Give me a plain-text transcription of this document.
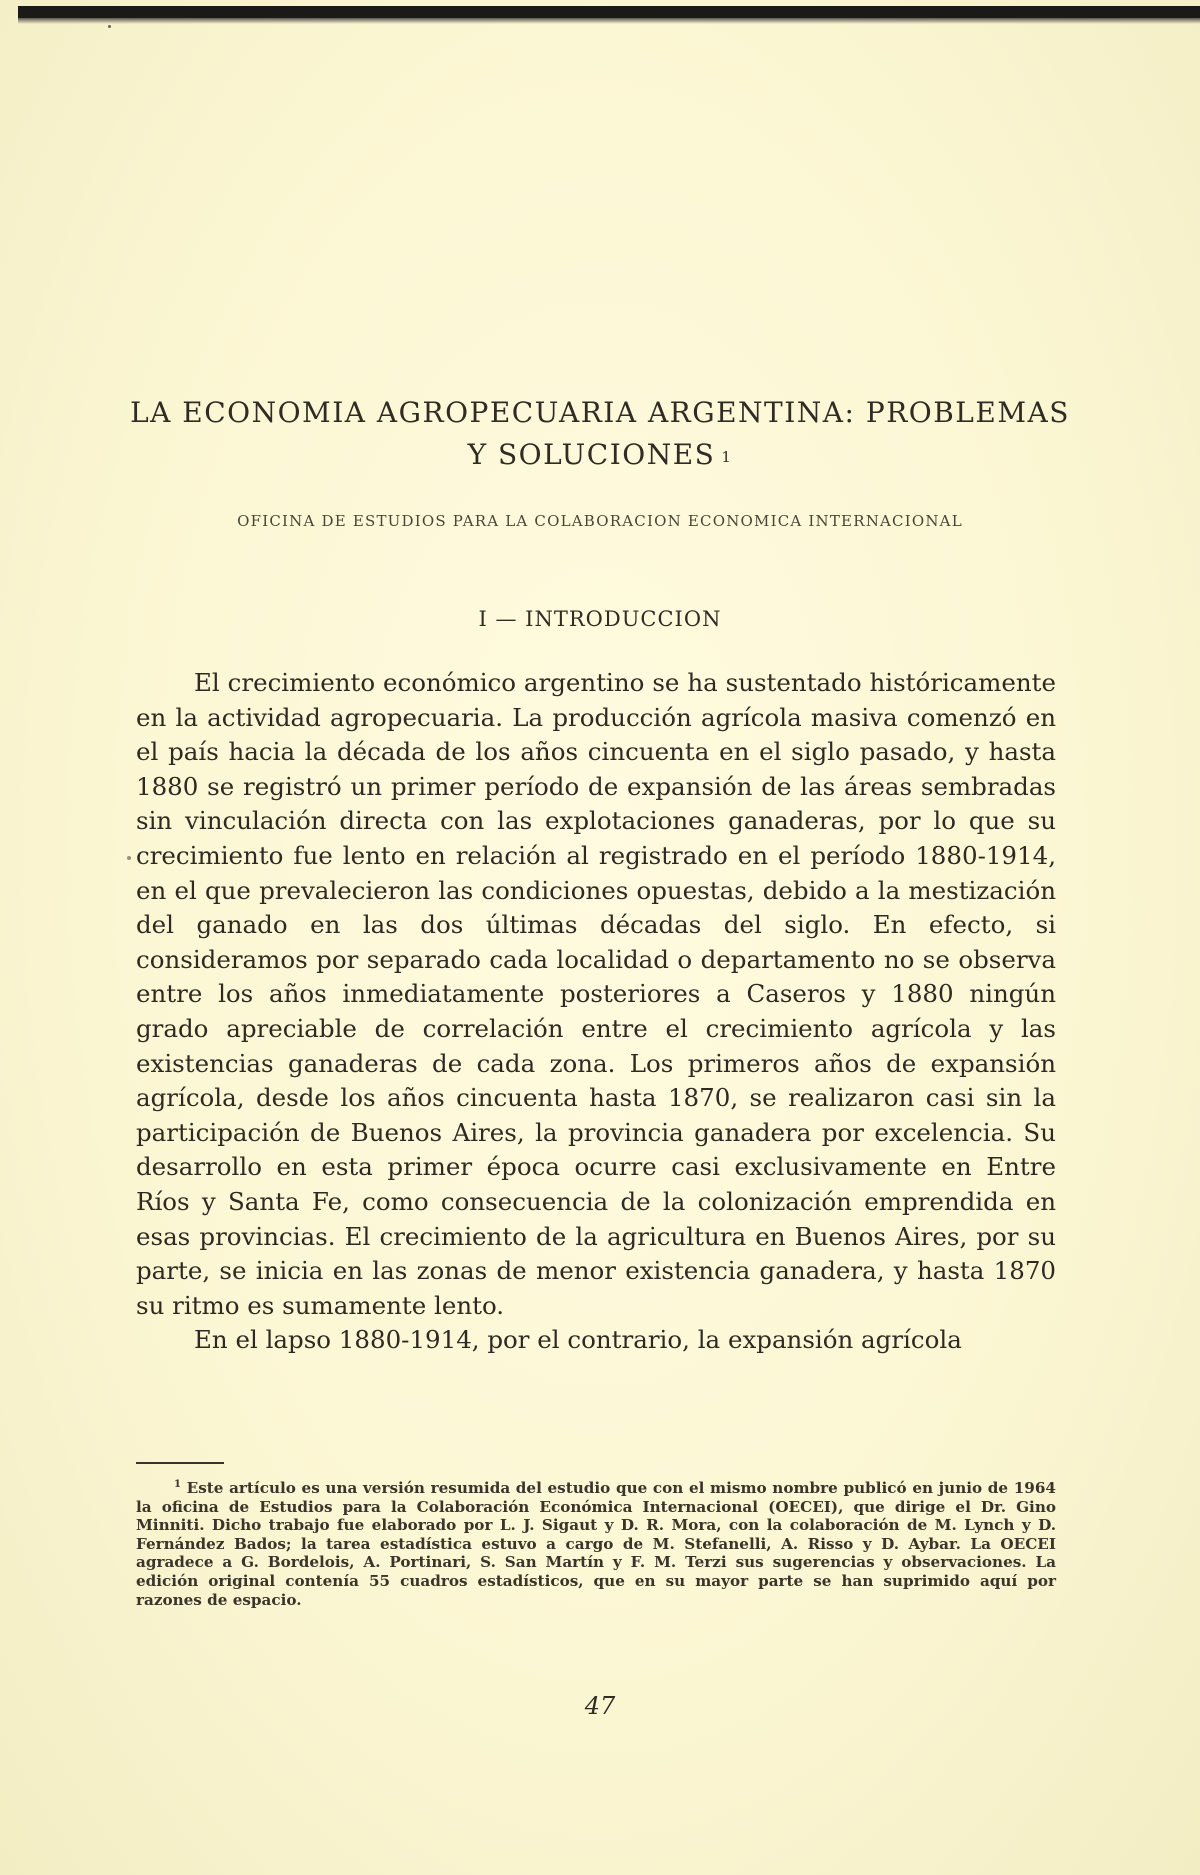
LA ECONOMIA AGROPECUARIA ARGENTINA: PROBLEMAS
Y SOLUCIONES $^1$
OFICINA DE ESTUDIOS PARA LA COLABORACION ECONOMICA INTERNACIONAL
I — INTRODUCCION

El crecimiento económico argentino se ha sustentado históricamente en la actividad agropecuaria. La producción agrícola masiva comenzó en el país hacia la década de los años cincuenta en el siglo pasado, y hasta 1880 se registró un primer período de expansión de las áreas sembradas sin vinculación directa con las explotaciones ganaderas, por lo que su crecimiento fue lento en relación al registrado en el período 1880-1914, en el que prevalecieron las condiciones opuestas, debido a la mestización del ganado en las dos últimas décadas del siglo. En efecto, si consideramos por separado cada localidad o departamento no se observa entre los años inmediatamente posteriores a Caseros y 1880 ningún grado apreciable de correlación entre el crecimiento agrícola y las existencias ganaderas de cada zona. Los primeros años de expansión agrícola, desde los años cincuenta hasta 1870, se realizaron casi sin la participación de Buenos Aires, la provincia ganadera por excelencia. Su desarrollo en esta primer época ocurre casi exclusivamente en Entre Ríos y Santa Fe, como consecuencia de la colonización emprendida en esas provincias. El crecimiento de la agricultura en Buenos Aires, por su parte, se inicia en las zonas de menor existencia ganadera, y hasta 1870 su ritmo es sumamente lento.

En el lapso 1880-1914, por el contrario, la expansión agrícola

$^1$ Este artículo es una versión resumida del estudio que con el mismo nombre publicó en junio de 1964 la oficina de Estudios para la Colaboración Económica Internacional (OECEI), que dirige el Dr. Gino Minniti. Dicho trabajo fue elaborado por L. J. Sigaut y D. R. Mora, con la colaboración de M. Lynch y D. Fernández Bados; la tarea estadística estuvo a cargo de M. Stefanelli, A. Risso y D. Aybar. La OECEI agradece a G. Bordelois, A. Portinari, S. San Martín y F. M. Terzi sus sugerencias y observaciones. La edición original contenía 55 cuadros estadísticos, que en su mayor parte se han suprimido aquí por razones de espacio.

47
